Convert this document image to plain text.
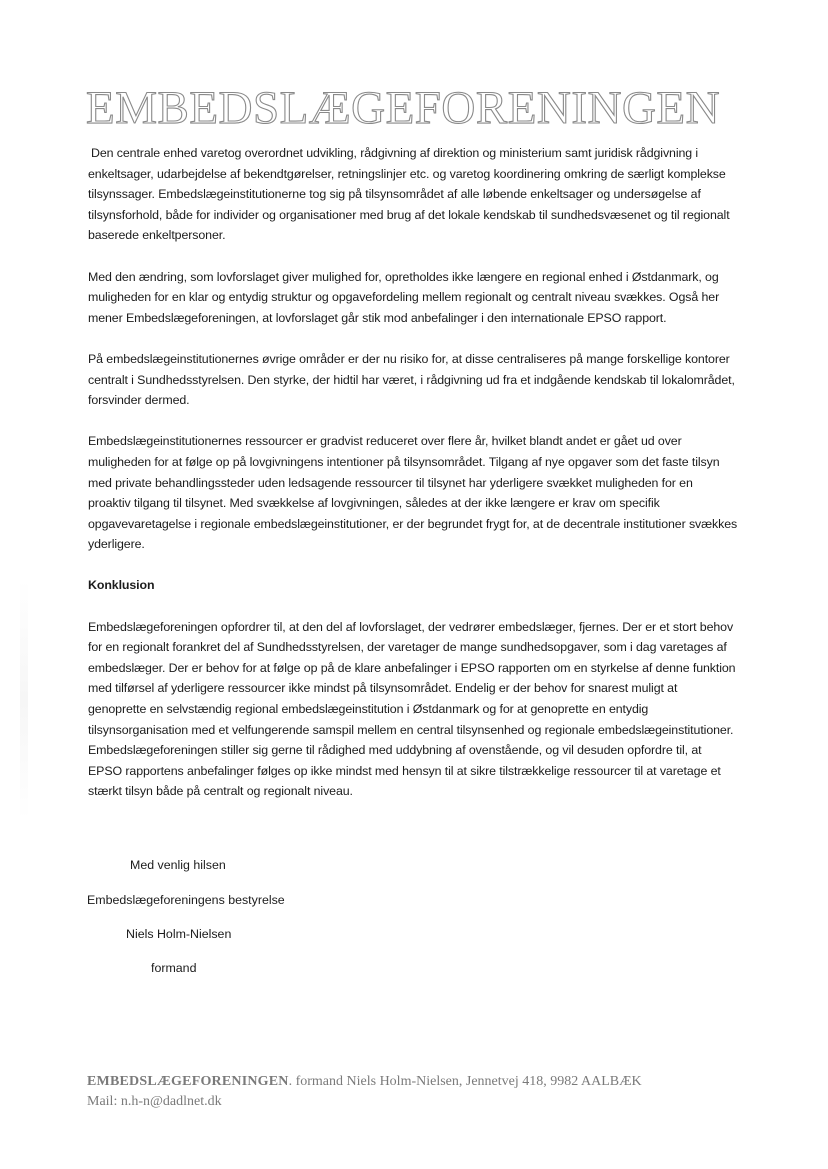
EMBEDSLÆGEFORENINGEN

Den centrale enhed varetog overordnet udvikling, rådgivning af direktion og ministerium samt juridisk rådgivning i enkeltsager, udarbejdelse af bekendtgørelser, retningslinjer etc. og varetog koordinering omkring de særligt komplekse tilsynssager. Embedslægeinstitutionerne tog sig på tilsynsområdet af alle løbende enkeltsager og undersøgelse af tilsynsforhold, både for individer og organisationer med brug af det lokale kendskab til sundhedsvæsenet og til regionalt baserede enkeltpersoner.

Med den ændring, som lovforslaget giver mulighed for, opretholdes ikke længere en regional enhed i Østdanmark, og muligheden for en klar og entydig struktur og opgavefordeling mellem regionalt og centralt niveau svækkes. Også her mener Embedslægeforeningen, at lovforslaget går stik mod anbefalinger i den internationale EPSO rapport.

På embedslægeinstitutionernes øvrige områder er der nu risiko for, at disse centraliseres på mange forskellige kontorer centralt i Sundhedsstyrelsen. Den styrke, der hidtil har været, i rådgivning ud fra et indgående kendskab til lokalområdet, forsvinder dermed.

Embedslægeinstitutionernes ressourcer er gradvist reduceret over flere år, hvilket blandt andet er gået ud over muligheden for at følge op på lovgivningens intentioner på tilsynsområdet. Tilgang af nye opgaver som det faste tilsyn med private behandlingssteder uden ledsagende ressourcer til tilsynet har yderligere svækket muligheden for en proaktiv tilgang til tilsynet. Med svækkelse af lovgivningen, således at der ikke længere er krav om specifik opgavevaretagelse i regionale embedslægeinstitutioner, er der begrundet frygt for, at de decentrale institutioner svækkes yderligere.

Konklusion

Embedslægeforeningen opfordrer til, at den del af lovforslaget, der vedrører embedslæger, fjernes. Der er et stort behov for en regionalt forankret del af Sundhedsstyrelsen, der varetager de mange sundhedsopgaver, som i dag varetages af embedslæger. Der er behov for at følge op på de klare anbefalinger i EPSO rapporten om en styrkelse af denne funktion med tilførsel af yderligere ressourcer ikke mindst på tilsynsområdet. Endelig er der behov for snarest muligt at genoprette en selvstændig regional embedslægeinstitution i Østdanmark og for at genoprette en entydig tilsynsorganisation med et velfungerende samspil mellem en central tilsynsenhed og regionale embedslægeinstitutioner. Embedslægeforeningen stiller sig gerne til rådighed med uddybning af ovenstående, og vil desuden opfordre til, at EPSO rapportens anbefalinger følges op ikke mindst med hensyn til at sikre tilstrækkelige ressourcer til at varetage et stærkt tilsyn både på centralt og regionalt niveau.

Med venlig hilsen
Embedslægeforeningens bestyrelse
Niels Holm-Nielsen
formand
EMBEDSLÆGEFORENINGEN. formand Niels Holm-Nielsen, Jennetvej 418, 9982 AALBÆK
Mail: n.h-n@dadlnet.dk
